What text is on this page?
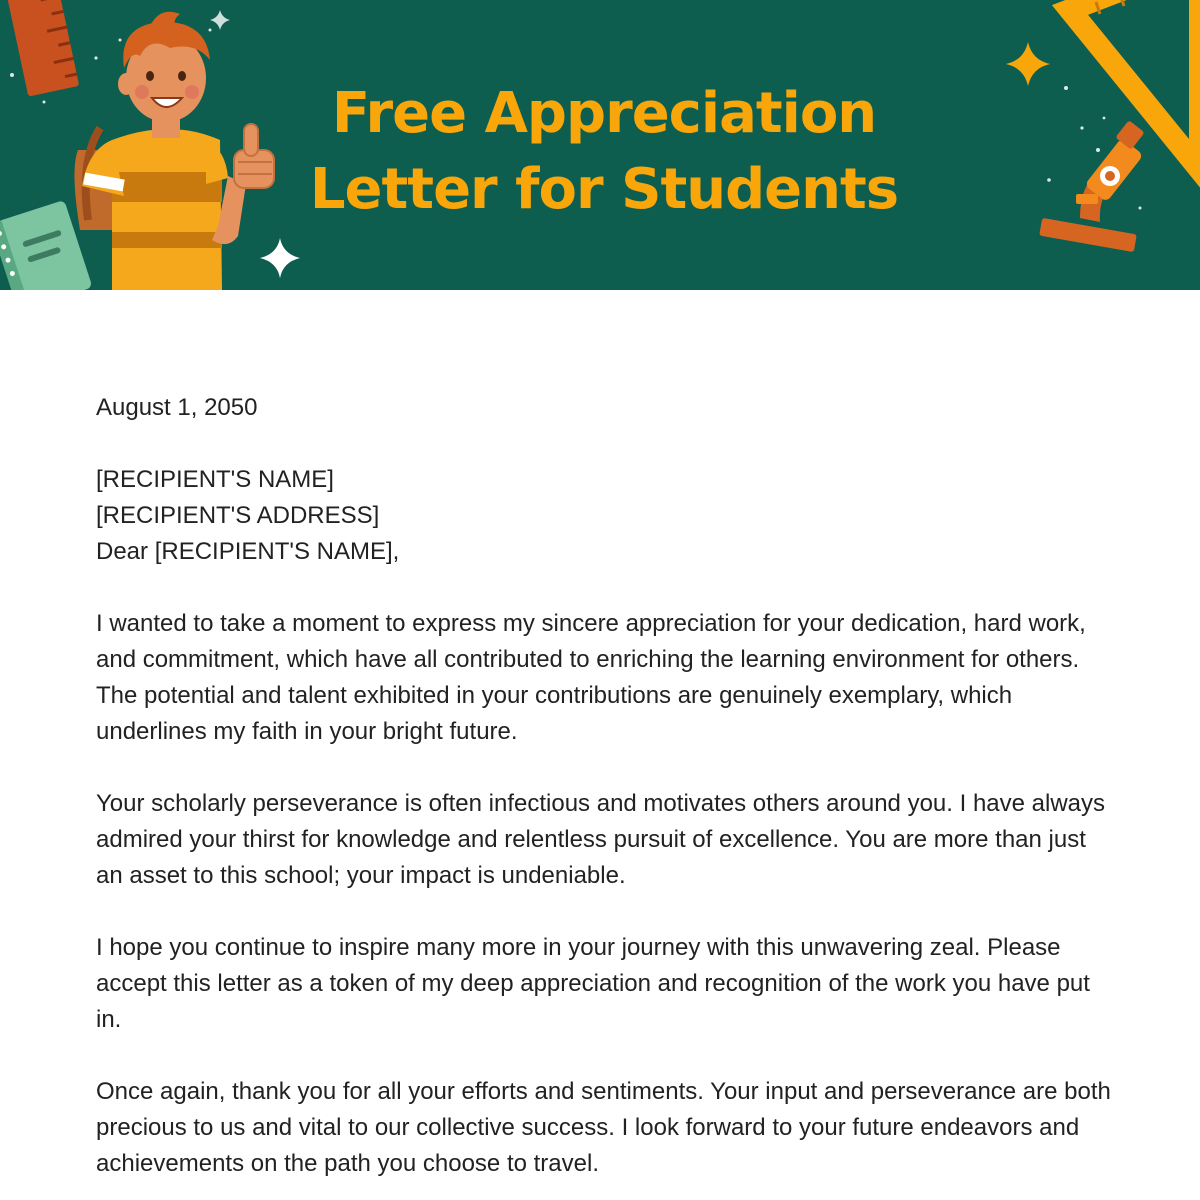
Free Appreciation
Letter for Students

August 1, 2050

[RECIPIENT'S NAME]

[RECIPIENT'S ADDRESS]

Dear [RECIPIENT'S NAME],

I wanted to take a moment to express my sincere appreciation for your dedication, hard work, and commitment, which have all contributed to enriching the learning environment for others. The potential and talent exhibited in your contributions are genuinely exemplary, which underlines my faith in your bright future.

Your scholarly perseverance is often infectious and motivates others around you. I have always admired your thirst for knowledge and relentless pursuit of excellence. You are more than just an asset to this school; your impact is undeniable.

I hope you continue to inspire many more in your journey with this unwavering zeal. Please accept this letter as a token of my deep appreciation and recognition of the work you have put in.

Once again, thank you for all your efforts and sentiments. Your input and perseverance are both precious to us and vital to our collective success. I look forward to your future endeavors and achievements on the path you choose to travel.
